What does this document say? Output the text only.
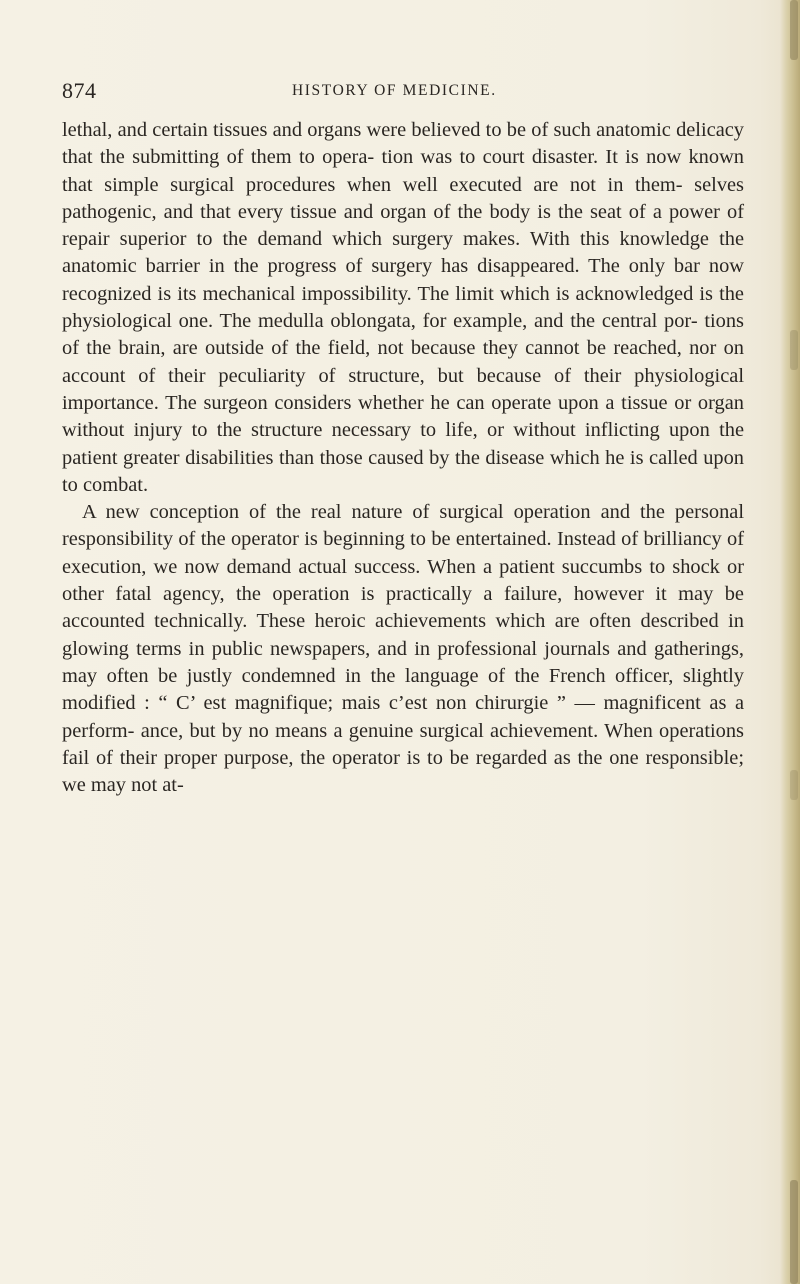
874	HISTORY OF MEDICINE.

lethal, and certain tissues and organs were believed to be of such anatomic delicacy that the submitting of them to opera- tion was to court disaster. It is now known that simple surgical procedures when well executed are not in them- selves pathogenic, and that every tissue and organ of the body is the seat of a power of repair superior to the demand which surgery makes. With this knowledge the anatomic barrier in the progress of surgery has disappeared. The only bar now recognized is its mechanical impossibility. The limit which is acknowledged is the physiological one. The medulla oblongata, for example, and the central por- tions of the brain, are outside of the field, not because they cannot be reached, nor on account of their peculiarity of structure, but because of their physiological importance. The surgeon considers whether he can operate upon a tissue or organ without injury to the structure necessary to life, or without inflicting upon the patient greater disabilities than those caused by the disease which he is called upon to combat.

A new conception of the real nature of surgical operation and the personal responsibility of the operator is beginning to be entertained. Instead of brilliancy of execution, we now demand actual success. When a patient succumbs to shock or other fatal agency, the operation is practically a failure, however it may be accounted technically. These heroic achievements which are often described in glowing terms in public newspapers, and in professional journals and gatherings, may often be justly condemned in the language of the French officer, slightly modified : “ C’ est magnifique; mais c’est non chirurgie ” — magnificent as a perform- ance, but by no means a genuine surgical achievement. When operations fail of their proper purpose, the operator is to be regarded as the one responsible; we may not at-
